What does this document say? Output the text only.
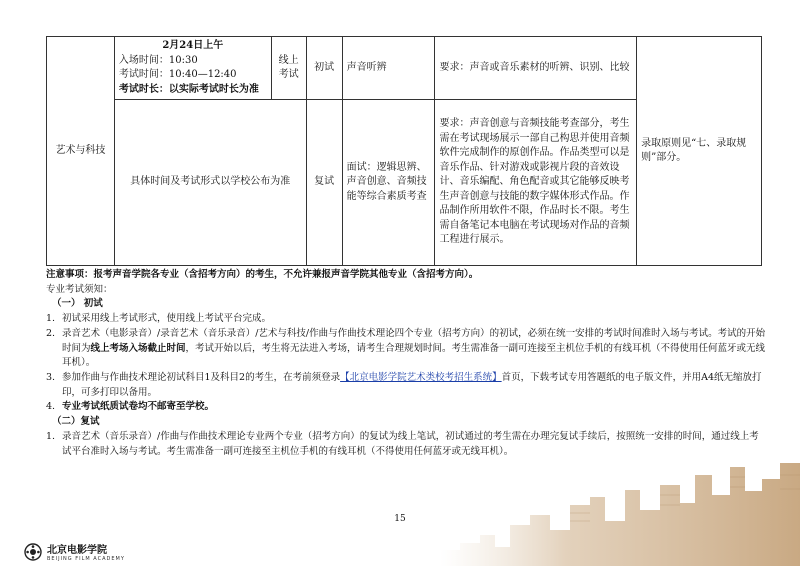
艺术与科技	2月24日上午
入场时间：10:30
考试时间：10:40—12:40
考试时长：以实际考试时长为准	线上考试	初试	声音听辨	要求：声音或音乐素材的听辨、识别、比较	录取原则见“七、录取规则”部分。
	具体时间及考试形式以学校公布为准		复试	面试：逻辑思辨、声音创意、音频技能等综合素质考查	要求：声音创意与音频技能考查部分，考生需在考试现场展示一部自己构思并使用音频软件完成制作的原创作品。作品类型可以是音乐作品、针对游戏或影视片段的音效设计、音乐编配、角色配音或其它能够反映考生声音创意与技能的数字媒体形式作品。作品制作所用软件不限，作品时长不限。考生需自备笔记本电脑在考试现场对作品的音频工程进行展示。	

注意事项：报考声音学院各专业（含招考方向）的考生，不允许兼报声音学院其他专业（含招考方向）。

专业考试须知：

（一） 初试

1. 初试采用线上考试形式，使用线上考试平台完成。
2. 录音艺术（电影录音）/录音艺术（音乐录音）/艺术与科技/作曲与作曲技术理论四个专业（招考方向）的初试，必须在统一安排的考试时间准时入场与考试。考试的开始时间为线上考场入场截止时间，考试开始以后，考生将无法进入考场，请考生合理规划时间。考生需准备一副可连接至主机位手机的有线耳机（不得使用任何蓝牙或无线耳机）。
3. 参加作曲与作曲技术理论初试科目1及科目2的考生，在考前须登录【北京电影学院艺术类校考招生系统】首页，下载考试专用答题纸的电子版文件，并用A4纸无缩放打印，可多打印以备用。
4. 专业考试纸质试卷均不邮寄至学校。

（二）复试

1. 录音艺术（音乐录音）/作曲与作曲技术理论专业两个专业（招考方向）的复试为线上笔试，初试通过的考生需在办理完复试手续后，按照统一安排的时间，通过线上考试平台准时入场与考试。考生需准备一副可连接至主机位手机的有线耳机（不得使用任何蓝牙或无线耳机）。
15
北京电影学院
BEIJING FILM ACADEMY
